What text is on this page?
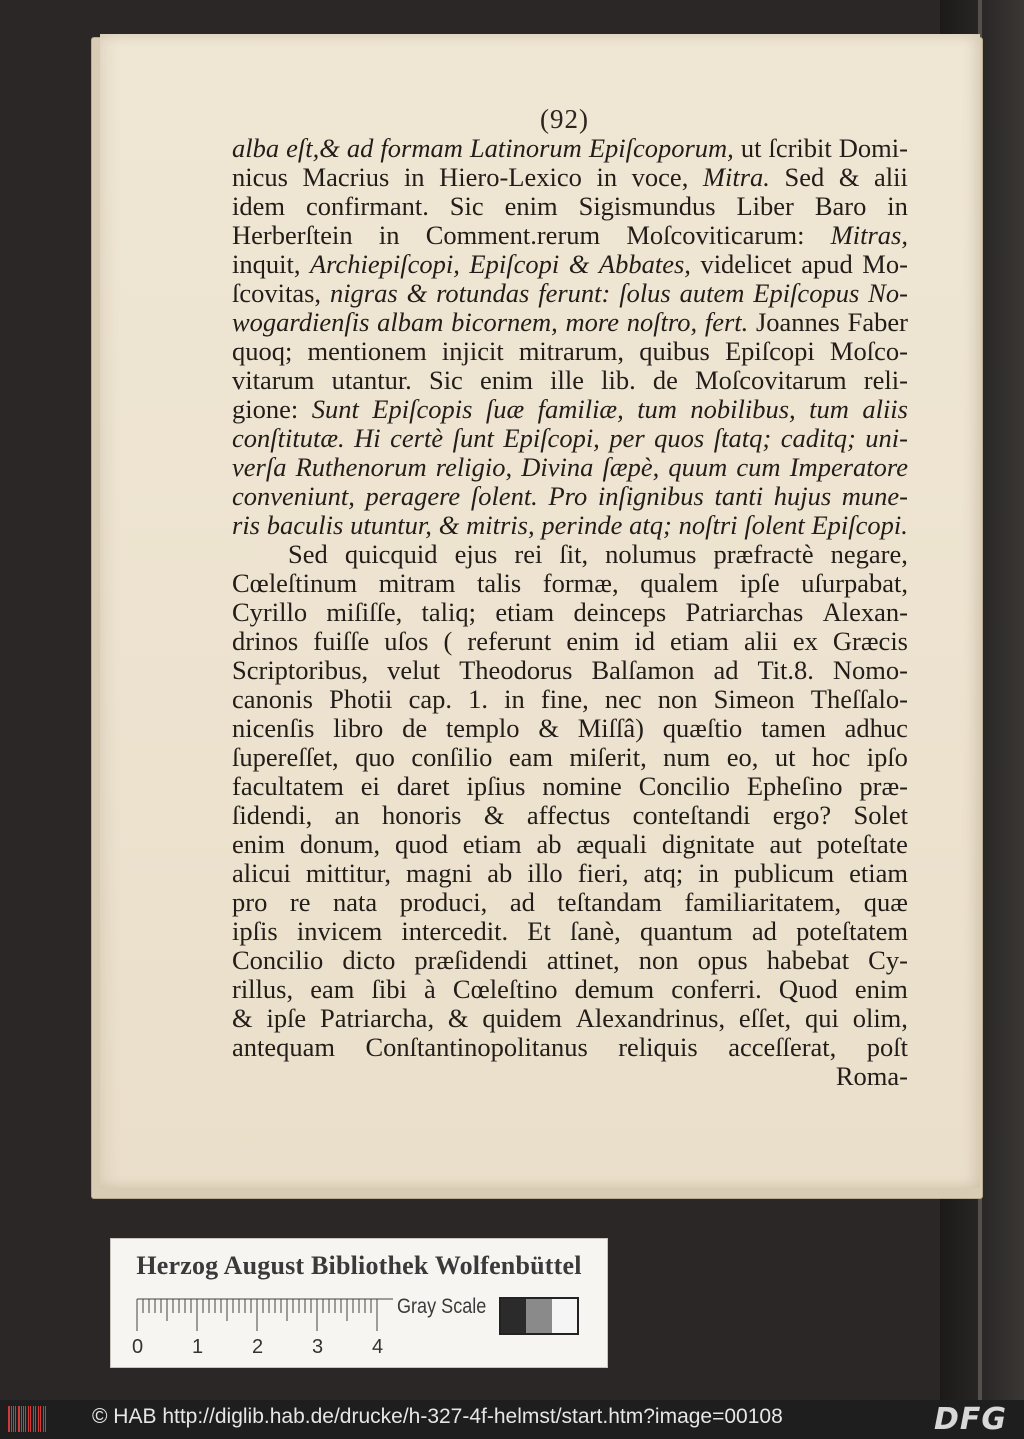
(92)
alba eſt,& ad formam Latinorum Epiſcoporum, ut ſcribit Domi-
nicus Macrius in Hiero-Lexico in voce, Mitra. Sed & alii
idem confirmant. Sic enim Sigismundus Liber Baro in
Herberſtein in Comment.rerum Moſcoviticarum: Mitras,
inquit, Archiepiſcopi, Epiſcopi & Abbates, videlicet apud Mo-
ſcovitas, nigras & rotundas ferunt: ſolus autem Epiſcopus No-
wogardienſis albam bicornem, more noſtro, fert. Joannes Faber
quoq; mentionem injicit mitrarum, quibus Epiſcopi Moſco-
vitarum utantur. Sic enim ille lib. de Moſcovitarum reli-
gione: Sunt Epiſcopis ſuæ familiæ, tum nobilibus, tum aliis
conſtitutæ. Hi certè ſunt Epiſcopi, per quos ſtatq; caditq; uni-
verſa Ruthenorum religio, Divina ſæpè, quum cum Imperatore
conveniunt, peragere ſolent. Pro inſignibus tanti hujus mune-
ris baculis utuntur, & mitris, perinde atq; noſtri ſolent Epiſcopi.
Sed quicquid ejus rei ſit, nolumus præfractè negare,
Cœleſtinum mitram talis formæ, qualem ipſe uſurpabat,
Cyrillo miſiſſe, taliq; etiam deinceps Patriarchas Alexan-
drinos fuiſſe uſos ( referunt enim id etiam alii ex Græcis
Scriptoribus, velut Theodorus Balſamon ad Tit.8. Nomo-
canonis Photii cap. 1. in fine, nec non Simeon Theſſalo-
nicenſis libro de templo & Miſſâ) quæſtio tamen adhuc
ſupereſſet, quo conſilio eam miſerit, num eo, ut hoc ipſo
facultatem ei daret ipſius nomine Concilio Epheſino præ-
ſidendi, an honoris & affectus conteſtandi ergo? Solet
enim donum, quod etiam ab æquali dignitate aut poteſtate
alicui mittitur, magni ab illo fieri, atq; in publicum etiam
pro re nata produci, ad teſtandam familiaritatem, quæ
ipſis invicem intercedit. Et ſanè, quantum ad poteſtatem
Concilio dicto præſidendi attinet, non opus habebat Cy-
rillus, eam ſibi à Cœleſtino demum conferri. Quod enim
& ipſe Patriarcha, & quidem Alexandrinus, eſſet, qui olim,
antequam Conſtantinopolitanus reliquis acceſſerat, poſt
Roma-
Herzog August Bibliothek Wolfenbüttel
0 1 2 3 4
Gray Scale
© HAB http://diglib.hab.de/drucke/h-327-4f-helmst/start.htm?image=00108	DFG
